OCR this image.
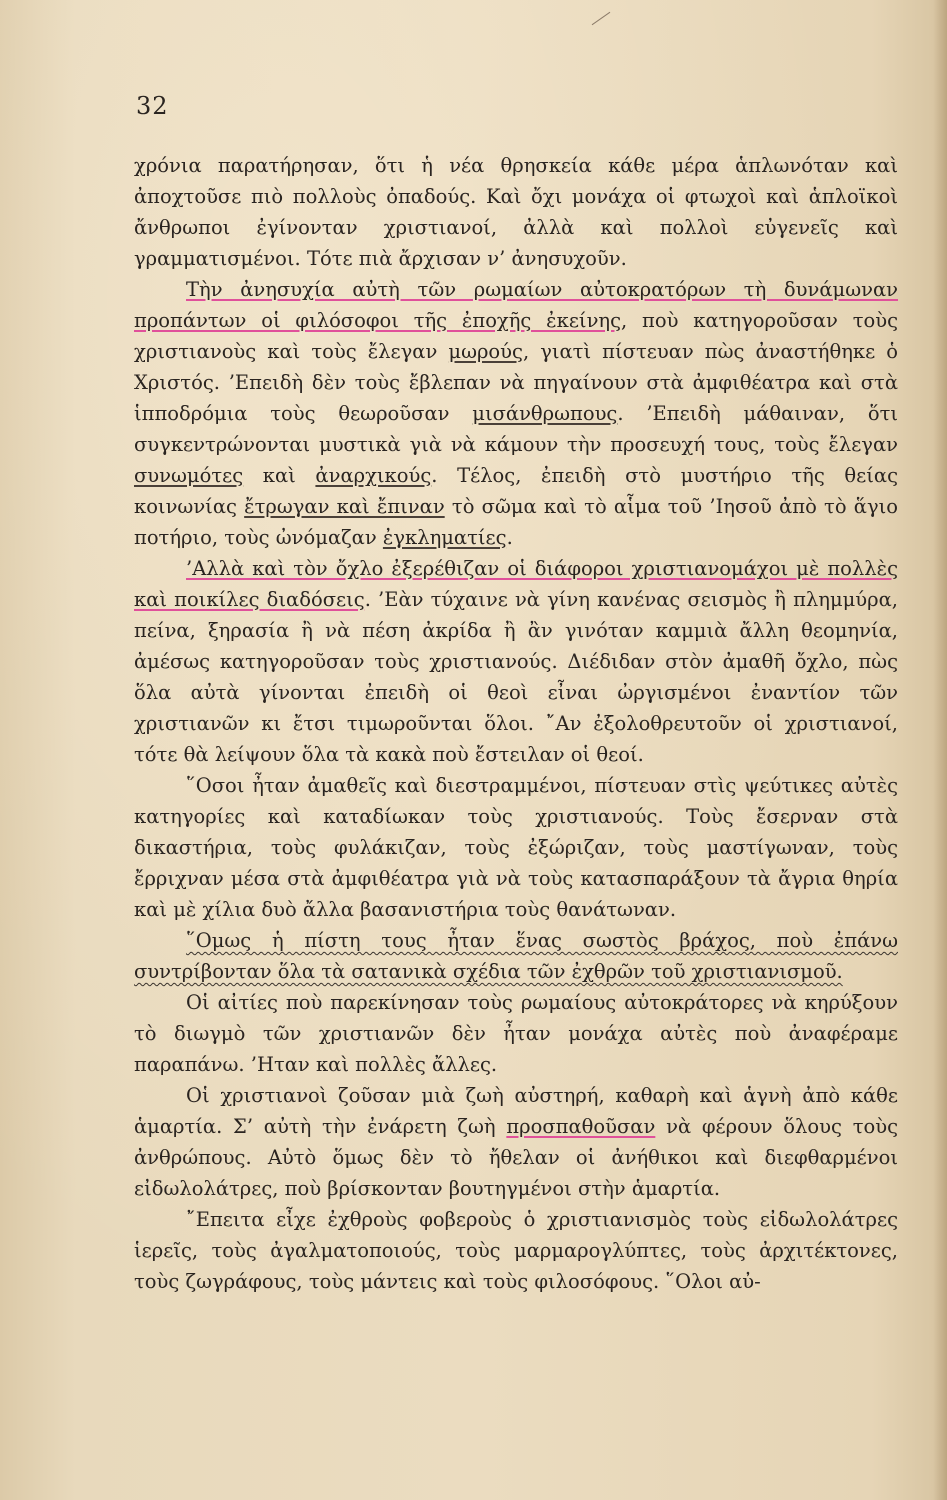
32

χρόνια παρατήρησαν, ὅτι ἡ νέα θρησκεία κάθε μέρα ἁπλωνόταν καὶ ἀποχτοῦσε πιὸ πολλοὺς ὀπαδούς. Καὶ ὄχι μονάχα οἱ φτωχοὶ καὶ ἁπλοϊκοὶ ἄνθρωποι ἐγίνονταν χριστιανοί, ἀλλὰ καὶ πολλοὶ εὐγενεῖς καὶ γραμματισμένοι. Τότε πιὰ ἄρχισαν ν’ ἀνησυχοῦν.

Τὴν ἀνησυχία αὐτὴ τῶν ρωμαίων αὐτοκρατόρων τὴ δυνάμωναν προπάντων οἱ φιλόσοφοι τῆς ἐποχῆς ἐκείνης, ποὺ κατηγοροῦσαν τοὺς χριστιανοὺς καὶ τοὺς ἔλεγαν μωρούς, γιατὶ πίστευαν πὼς ἀναστήθηκε ὁ Χριστός. ’Επειδὴ δὲν τοὺς ἔβλεπαν νὰ πηγαίνουν στὰ ἀμφιθέατρα καὶ στὰ ἱπποδρόμια τοὺς θεωροῦσαν μισάνθρωπους. ’Επειδὴ μάθαιναν, ὅτι συγκεντρώνονται μυστικὰ γιὰ νὰ κάμουν τὴν προσευχή τους, τοὺς ἔλεγαν συνωμότες καὶ ἀναρχικούς. Τέλος, ἐπειδὴ στὸ μυστήριο τῆς θείας κοινωνίας ἔτρωγαν καὶ ἔπιναν τὸ σῶμα καὶ τὸ αἷμα τοῦ ’Ιησοῦ ἀπὸ τὸ ἅγιο ποτήριο, τοὺς ὠνόμαζαν ἐγκληματίες.

’Αλλὰ καὶ τὸν ὄχλο ἐξερέθιζαν οἱ διάφοροι χριστιανομάχοι μὲ πολλὲς καὶ ποικίλες διαδόσεις. ’Εὰν τύχαινε νὰ γίνη κανένας σεισμὸς ἢ πλημμύρα, πείνα, ξηρασία ἢ νὰ πέση ἀκρίδα ἢ ἂν γινόταν καμμιὰ ἄλλη θεομηνία, ἀμέσως κατηγοροῦσαν τοὺς χριστιανούς. Διέδιδαν στὸν ἀμαθῆ ὄχλο, πὼς ὅλα αὐτὰ γίνονται ἐπειδὴ οἱ θεοὶ εἶναι ὠργισμένοι ἐναντίον τῶν χριστιανῶν κι ἔτσι τιμωροῦνται ὅλοι. ῎Αν ἐξολοθρευτοῦν οἱ χριστιανοί, τότε θὰ λείψουν ὅλα τὰ κακὰ ποὺ ἔστειλαν οἱ θεοί.

῞Οσοι ἦταν ἀμαθεῖς καὶ διεστραμμένοι, πίστευαν στὶς ψεύτικες αὐτὲς κατηγορίες καὶ καταδίωκαν τοὺς χριστιανούς. Τοὺς ἔσερναν στὰ δικαστήρια, τοὺς φυλάκιζαν, τοὺς ἐξώριζαν, τοὺς μαστίγωναν, τοὺς ἔρριχναν μέσα στὰ ἀμφιθέατρα γιὰ νὰ τοὺς κατασπαράξουν τὰ ἄγρια θηρία καὶ μὲ χίλια δυὸ ἄλλα βασανιστήρια τοὺς θανάτωναν.

῞Ομως ἡ πίστη τους ἦταν ἕνας σωστὸς βράχος, ποὺ ἐπάνω συντρίβονταν ὅλα τὰ σατανικὰ σχέδια τῶν ἐχθρῶν τοῦ χριστιανισμοῦ.

Οἱ αἰτίες ποὺ παρεκίνησαν τοὺς ρωμαίους αὐτοκράτορες νὰ κηρύξουν τὸ διωγμὸ τῶν χριστιανῶν δὲν ἦταν μονάχα αὐτὲς ποὺ ἀναφέραμε παραπάνω. ’Ηταν καὶ πολλὲς ἄλλες.

Οἱ χριστιανοὶ ζοῦσαν μιὰ ζωὴ αὐστηρή, καθαρὴ καὶ ἁγνὴ ἀπὸ κάθε ἁμαρτία. Σ’ αὐτὴ τὴν ἐνάρετη ζωὴ προσπαθοῦσαν νὰ φέρουν ὅλους τοὺς ἀνθρώπους. Αὐτὸ ὅμως δὲν τὸ ἤθελαν οἱ ἀνήθικοι καὶ διεφθαρμένοι εἰδωλολάτρες, ποὺ βρίσκονταν βουτηγμένοι στὴν ἁμαρτία.

῎Επειτα εἶχε ἐχθροὺς φοβεροὺς ὁ χριστιανισμὸς τοὺς εἰδωλολάτρες ἱερεῖς, τοὺς ἀγαλματοποιούς, τοὺς μαρμαρογλύπτες, τοὺς ἀρχιτέκτονες, τοὺς ζωγράφους, τοὺς μάντεις καὶ τοὺς φιλοσόφους. ῞Ολοι αὐ-
